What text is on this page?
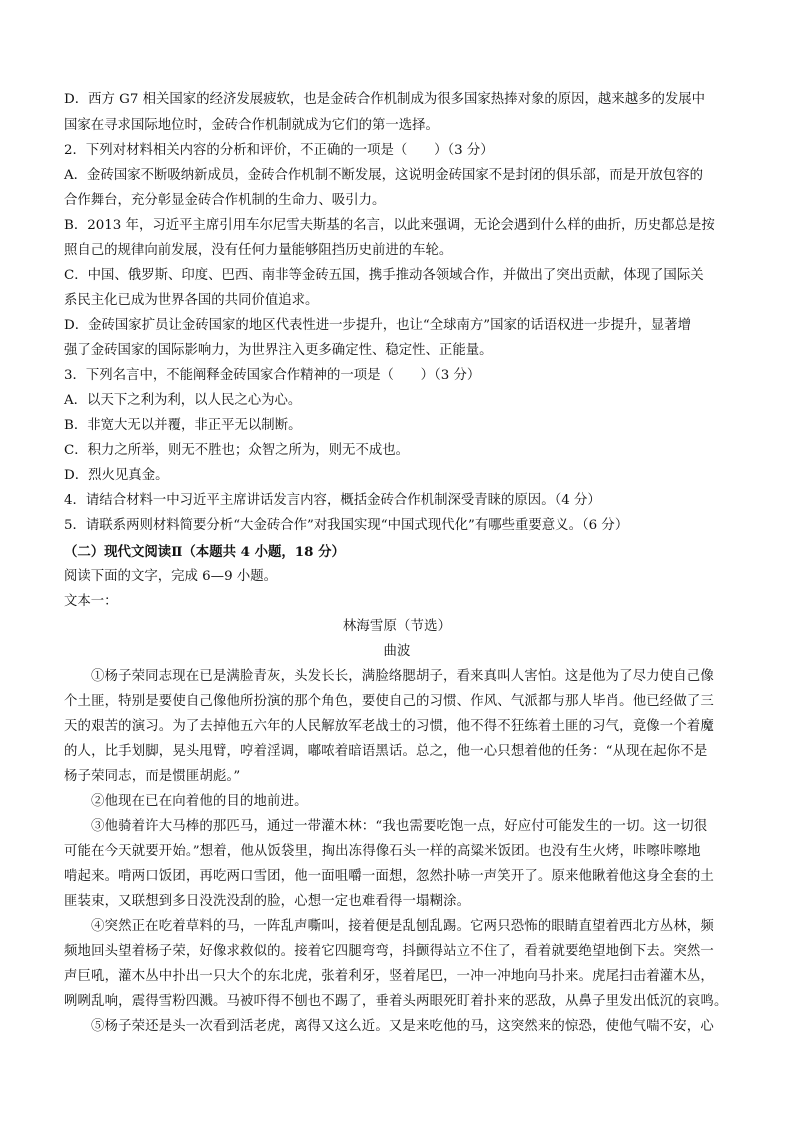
D．西方 G7 相关国家的经济发展疲软，也是金砖合作机制成为很多国家热捧对象的原因，越来越多的发展中
国家在寻求国际地位时，金砖合作机制就成为它们的第一选择。
2．下列对材料相关内容的分析和评价，不正确的一项是（　　）（3 分）
A．金砖国家不断吸纳新成员，金砖合作机制不断发展，这说明金砖国家不是封闭的俱乐部，而是开放包容的
合作舞台，充分彰显金砖合作机制的生命力、吸引力。
B．2013 年，习近平主席引用车尔尼雪夫斯基的名言，以此来强调，无论会遇到什么样的曲折，历史都总是按
照自己的规律向前发展，没有任何力量能够阻挡历史前进的车轮。
C．中国、俄罗斯、印度、巴西、南非等金砖五国，携手推动各领域合作，并做出了突出贡献，体现了国际关
系民主化已成为世界各国的共同价值追求。
D．金砖国家扩员让金砖国家的地区代表性进一步提升，也让“全球南方”国家的话语权进一步提升，显著增
强了金砖国家的国际影响力，为世界注入更多确定性、稳定性、正能量。
3．下列名言中，不能阐释金砖国家合作精神的一项是（　　）（3 分）
A．以天下之利为利，以人民之心为心。
B．非宽大无以并覆，非正平无以制断。
C．积力之所举，则无不胜也；众智之所为，则无不成也。
D．烈火见真金。
4．请结合材料一中习近平主席讲话发言内容，概括金砖合作机制深受青睐的原因。（4 分）
5．请联系两则材料简要分析“大金砖合作”对我国实现“中国式现代化”有哪些重要意义。（6 分）
（二）现代文阅读Ⅱ（本题共 4 小题，18 分）
阅读下面的文字，完成 6—9 小题。
文本一：
林海雪原（节选）
曲波
①杨子荣同志现在已是满脸青灰，头发长长，满脸络腮胡子，看来真叫人害怕。这是他为了尽力使自己像
个土匪，特别是要使自己像他所扮演的那个角色，要使自己的习惯、作风、气派都与那人毕肖。他已经做了三
天的艰苦的演习。为了去掉他五六年的人民解放军老战士的习惯，他不得不狂练着土匪的习气，竟像一个着魔
的人，比手划脚，晃头甩臂，哼着淫调，嘟哝着暗语黑话。总之，他一心只想着他的任务：“从现在起你不是
杨子荣同志，而是惯匪胡彪。”
②他现在已在向着他的目的地前进。
③他骑着许大马棒的那匹马，通过一带灌木林：“我也需要吃饱一点，好应付可能发生的一切。这一切很
可能在今天就要开始。”想着，他从饭袋里，掏出冻得像石头一样的高粱米饭团。也没有生火烤，咔嚓咔嚓地
啃起来。啃两口饭团，再吃两口雪团，他一面咀嚼一面想，忽然扑哧一声笑开了。原来他瞅着他这身全套的土
匪装束，又联想到多日没洗没刮的脸，心想一定也难看得一塌糊涂。
④突然正在吃着草料的马，一阵乱声嘶叫，接着便是乱刨乱踢。它两只恐怖的眼睛直望着西北方丛林，频
频地回头望着杨子荣，好像求救似的。接着它四腿弯弯，抖颤得站立不住了，看着就要绝望地倒下去。突然一
声巨吼，灌木丛中扑出一只大个的东北虎，张着利牙，竖着尾巴，一冲一冲地向马扑来。虎尾扫击着灌木丛，
咧咧乱响，震得雪粉四溅。马被吓得不刨也不踢了，垂着头两眼死盯着扑来的恶敌，从鼻子里发出低沉的哀鸣。
⑤杨子荣还是头一次看到活老虎，离得又这么近。又是来吃他的马，这突然来的惊恐，使他气喘不安，心
